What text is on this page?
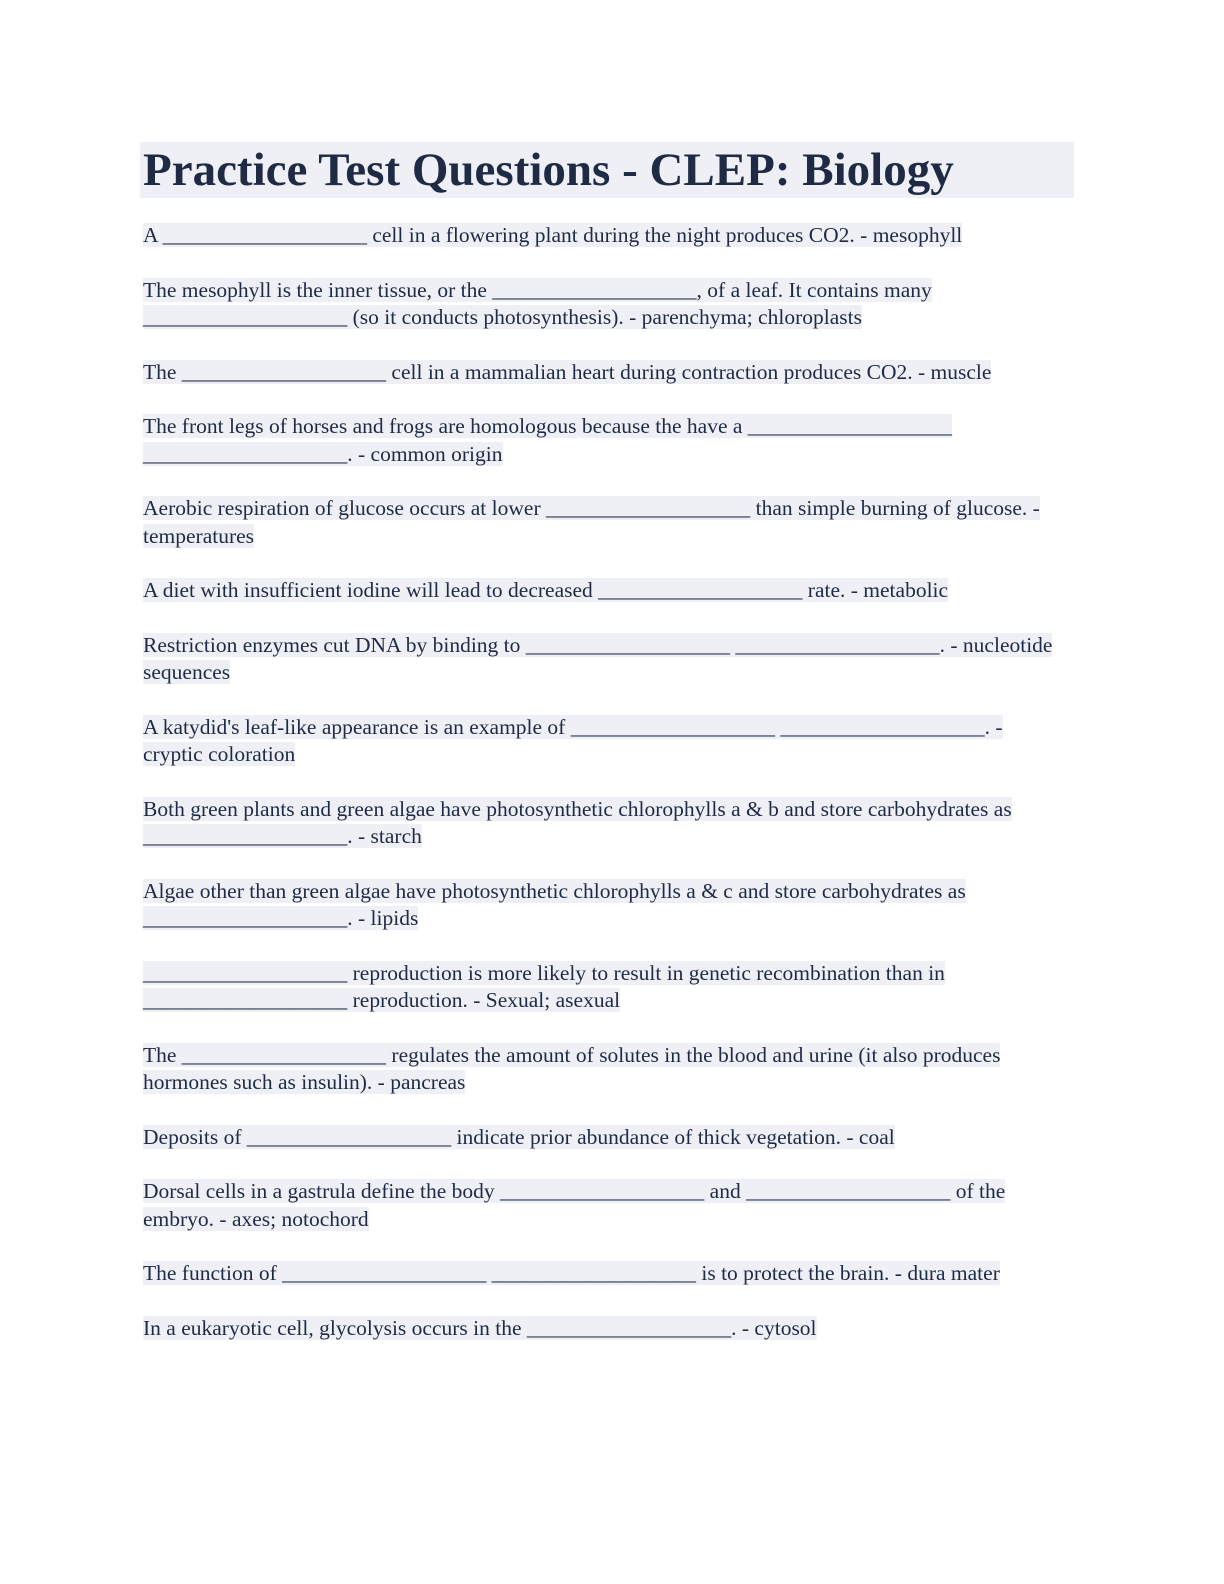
Practice Test Questions - CLEP: Biology

A ___________________ cell in a flowering plant during the night produces CO2. - mesophyll

The mesophyll is the inner tissue, or the ___________________, of a leaf. It contains many ___________________ (so it conducts photosynthesis). - parenchyma; chloroplasts

The ___________________ cell in a mammalian heart during contraction produces CO2. - muscle

The front legs of horses and frogs are homologous because the have a ___________________ ___________________. - common origin

Aerobic respiration of glucose occurs at lower ___________________ than simple burning of glucose. - temperatures

A diet with insufficient iodine will lead to decreased ___________________ rate. - metabolic

Restriction enzymes cut DNA by binding to ___________________ ___________________. - nucleotide sequences

A katydid's leaf-like appearance is an example of ___________________ ___________________. - cryptic coloration

Both green plants and green algae have photosynthetic chlorophylls a & b and store carbohydrates as ___________________. - starch

Algae other than green algae have photosynthetic chlorophylls a & c and store carbohydrates as ___________________. - lipids

___________________ reproduction is more likely to result in genetic recombination than in ___________________ reproduction. - Sexual; asexual

The ___________________ regulates the amount of solutes in the blood and urine (it also produces hormones such as insulin). - pancreas

Deposits of ___________________ indicate prior abundance of thick vegetation. - coal

Dorsal cells in a gastrula define the body ___________________ and ___________________ of the embryo. - axes; notochord

The function of ___________________ ___________________ is to protect the brain. - dura mater

In a eukaryotic cell, glycolysis occurs in the ___________________. - cytosol
